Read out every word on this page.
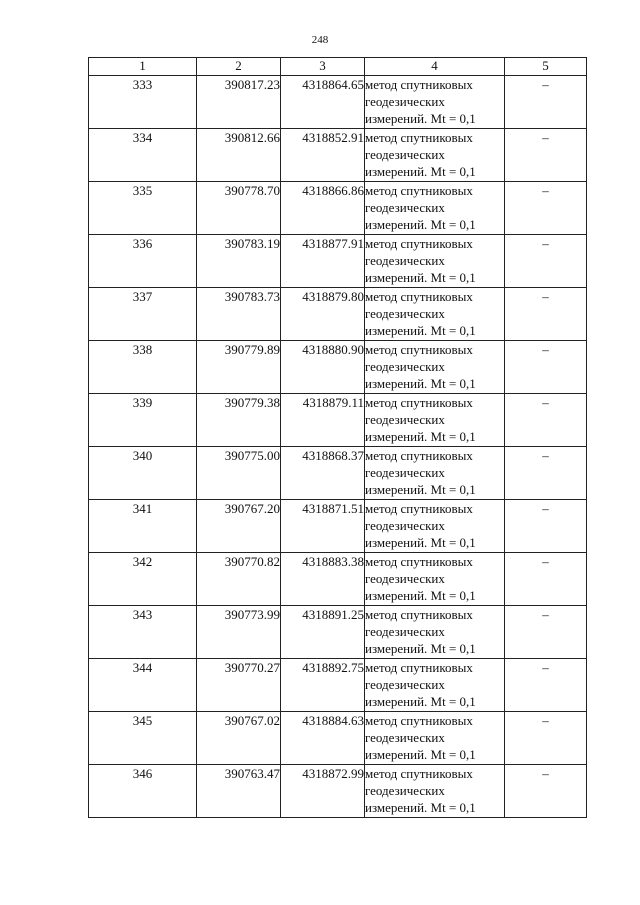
248
1	2	3	4	5
333	390817.23	4318864.65	метод спутниковых
геодезических
измерений. Mt = 0,1	–
334	390812.66	4318852.91	метод спутниковых
геодезических
измерений. Mt = 0,1	–
335	390778.70	4318866.86	метод спутниковых
геодезических
измерений. Mt = 0,1	–
336	390783.19	4318877.91	метод спутниковых
геодезических
измерений. Mt = 0,1	–
337	390783.73	4318879.80	метод спутниковых
геодезических
измерений. Mt = 0,1	–
338	390779.89	4318880.90	метод спутниковых
геодезических
измерений. Mt = 0,1	–
339	390779.38	4318879.11	метод спутниковых
геодезических
измерений. Mt = 0,1	–
340	390775.00	4318868.37	метод спутниковых
геодезических
измерений. Mt = 0,1	–
341	390767.20	4318871.51	метод спутниковых
геодезических
измерений. Mt = 0,1	–
342	390770.82	4318883.38	метод спутниковых
геодезических
измерений. Mt = 0,1	–
343	390773.99	4318891.25	метод спутниковых
геодезических
измерений. Mt = 0,1	–
344	390770.27	4318892.75	метод спутниковых
геодезических
измерений. Mt = 0,1	–
345	390767.02	4318884.63	метод спутниковых
геодезических
измерений. Mt = 0,1	–
346	390763.47	4318872.99	метод спутниковых
геодезических
измерений. Mt = 0,1	–
